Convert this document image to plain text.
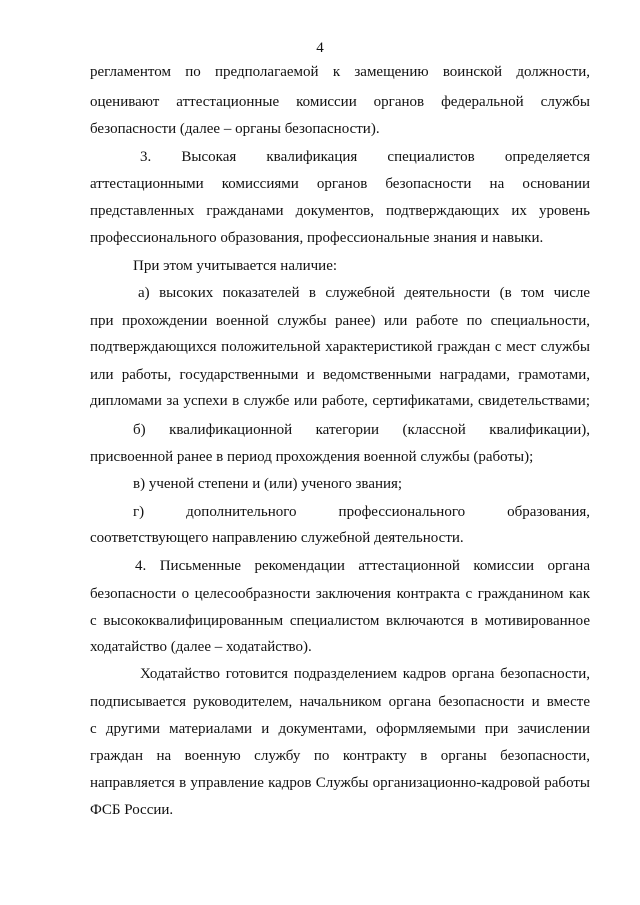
4
регламентом по предполагаемой к замещению воинской должности,
оценивают аттестационные комиссии органов федеральной службы
безопасности (далее – органы безопасности).
3. Высокая квалификация специалистов определяется
аттестационными комиссиями органов безопасности на основании
представленных гражданами документов, подтверждающих их уровень
профессионального образования, профессиональные знания и навыки.
При этом учитывается наличие:
а) высоких показателей в служебной деятельности (в том числе
при прохождении военной службы ранее) или работе по специальности,
подтверждающихся положительной характеристикой граждан с мест службы
или работы, государственными и ведомственными наградами, грамотами,
дипломами за успехи в службе или работе, сертификатами, свидетельствами;
б) квалификационной категории (классной квалификации),
присвоенной ранее в период прохождения военной службы (работы);
в) ученой степени и (или) ученого звания;
г) дополнительного профессионального образования,
соответствующего направлению служебной деятельности.
4. Письменные рекомендации аттестационной комиссии органа
безопасности о целесообразности заключения контракта с гражданином как
с высококвалифицированным специалистом включаются в мотивированное
ходатайство (далее – ходатайство).
Ходатайство готовится подразделением кадров органа безопасности,
подписывается руководителем, начальником органа безопасности и вместе
с другими материалами и документами, оформляемыми при зачислении
граждан на военную службу по контракту в органы безопасности,
направляется в управление кадров Службы организационно-кадровой работы
ФСБ России.
